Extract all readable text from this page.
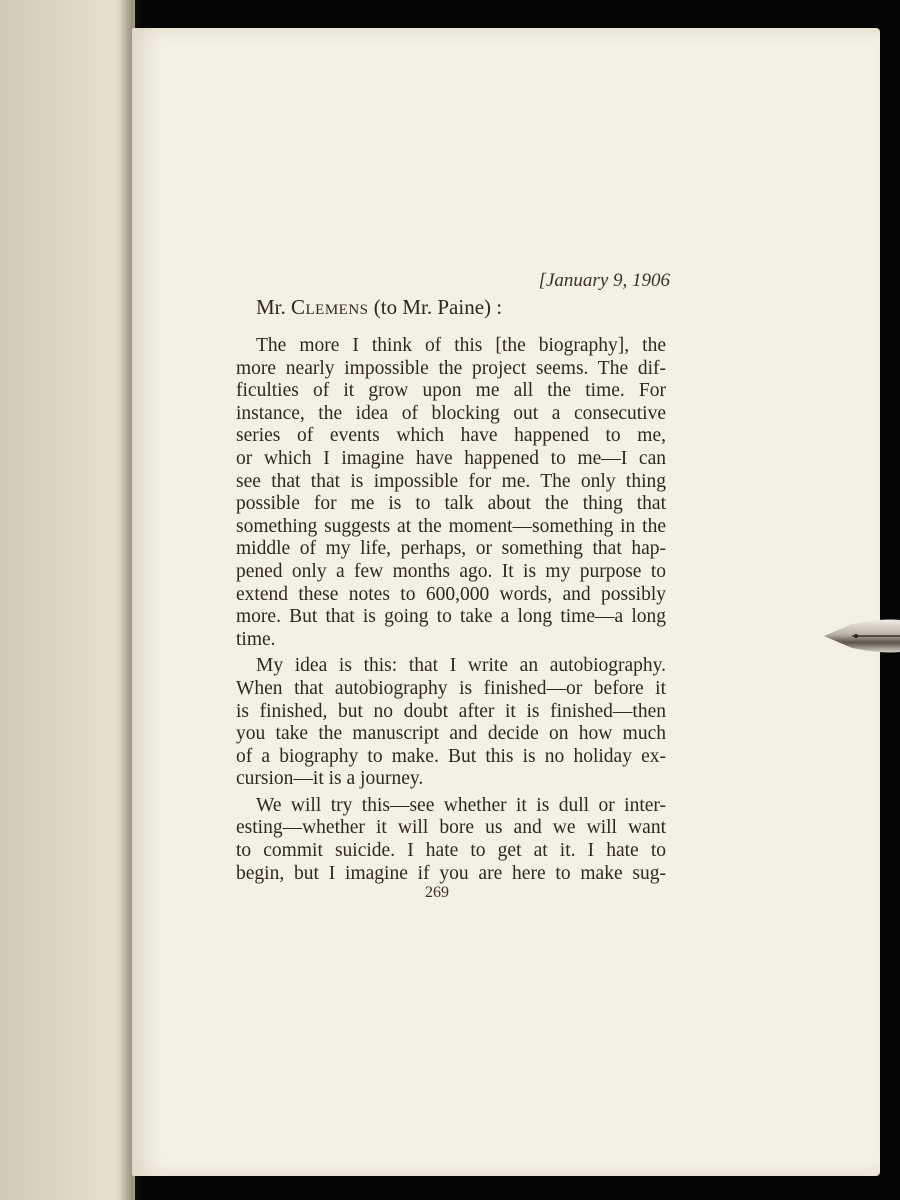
[January 9, 1906
Mr. Clemens (to Mr. Paine) :
The more I think of this [the biography], the
more nearly impossible the project seems. The dif-
ficulties of it grow upon me all the time. For
instance, the idea of blocking out a consecutive
series of events which have happened to me,
or which I imagine have happened to me—I can
see that that is impossible for me. The only thing
possible for me is to talk about the thing that
something suggests at the moment—something in the
middle of my life, perhaps, or something that hap-
pened only a few months ago. It is my purpose to
extend these notes to 600,000 words, and possibly
more. But that is going to take a long time—a long
time.
My idea is this: that I write an autobiography.
When that autobiography is finished—or before it
is finished, but no doubt after it is finished—then
you take the manuscript and decide on how much
of a biography to make. But this is no holiday ex-
cursion—it is a journey.
We will try this—see whether it is dull or inter-
esting—whether it will bore us and we will want
to commit suicide. I hate to get at it. I hate to
begin, but I imagine if you are here to make sug-
269
